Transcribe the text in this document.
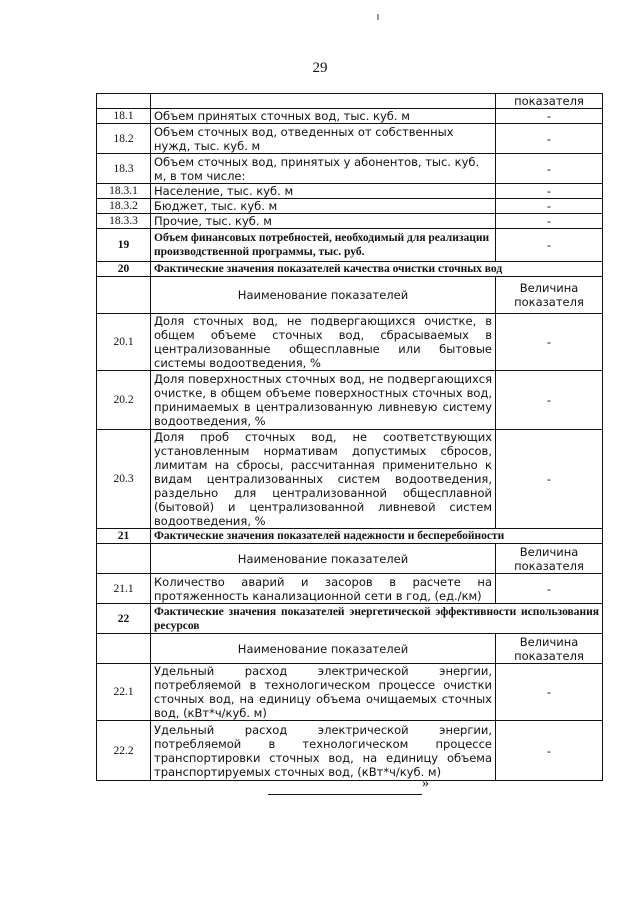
29
		показателя
18.1	Объем принятых сточных вод, тыс. куб. м	-
18.2	Объем сточных вод, отведенных от собственных нужд, тыс. куб. м	-
18.3	Объем сточных вод, принятых у абонентов, тыс. куб. м, в том числе:	-
18.3.1	Население, тыс. куб. м	-
18.3.2	Бюджет, тыс. куб. м	-
18.3.3	Прочие, тыс. куб. м	-
19	Объем финансовых потребностей, необходимый для реализации производственной программы, тыс. руб.	-
20	Фактические значения показателей качества очистки сточных вод	
	Наименование показателей	Величина показателя
20.1	Доля сточных вод, не подвергающихся очистке, в общем объеме сточных вод, сбрасываемых в централизованные общесплавные или бытовые системы водоотведения, %	-
20.2	Доля поверхностных сточных вод, не подвергающихся очистке, в общем объеме поверхностных сточных вод, принимаемых в централизованную ливневую систему водоотведения, %	-
20.3	Доля проб сточных вод, не соответствующих установленным нормативам допустимых сбросов, лимитам на сбросы, рассчитанная применительно к видам централизованных систем водоотведения, раздельно для централизованной общесплавной (бытовой) и централизованной ливневой систем водоотведения, %	-
21	Фактические значения показателей надежности и бесперебойности	
	Наименование показателей	Величина показателя
21.1	Количество аварий и засоров в расчете на протяженность канализационной сети в год, (ед./км)	-
22	Фактические значения показателей энергетической эффективности использования ресурсов	
	Наименование показателей	Величина показателя
22.1	Удельный расход электрической энергии, потребляемой в технологическом процессе очистки сточных вод, на единицу объема очищаемых сточных вод, (кВт*ч/куб. м)	-
22.2	Удельный расход электрической энергии, потребляемой в технологическом процессе транспортировки сточных вод, на единицу объема транспортируемых сточных вод, (кВт*ч/куб. м)	-
»
